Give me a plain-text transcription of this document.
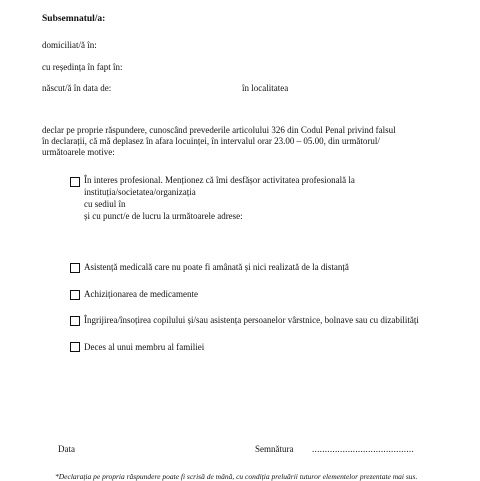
Subsemnatul/a:
domiciliat/ă în:
cu reședința în fapt în:
născut/ă în data de:	în localitatea
declar pe proprie răspundere, cunoscând prevederile articolului 326 din Codul Penal privind falsul
în declarații, că mă deplasez în afara locuinței, în intervalul orar 23.00 – 05.00, din următorul/
următoarele motive:
În interes profesional. Menționez că îmi desfășor activitatea profesională la
instituția/societatea/organizația
cu sediul în
și cu punct/e de lucru la următoarele adrese:
Asistență medicală care nu poate fi amânată și nici realizată de la distanță
Achiziționarea de medicamente
Îngrijirea/însoțirea copilului și/sau asistența persoanelor vârstnice, bolnave sau cu dizabilități
Deces al unui membru al familiei
Data	Semnătura ........................................
*Declarația pe propria răspundere poate fi scrisă de mână, cu condiția preluării tuturor elementelor prezentate mai sus.
